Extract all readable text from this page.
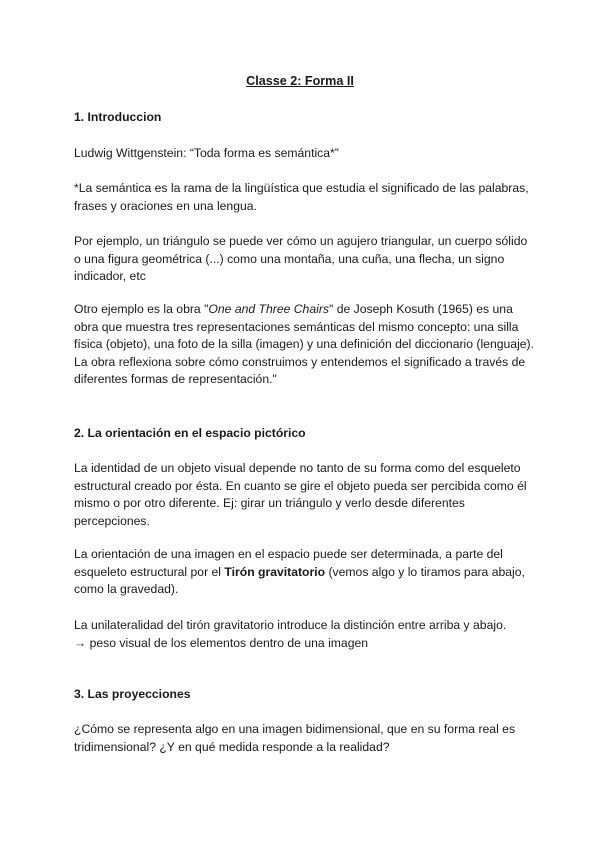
Classe 2: Forma II

1. Introduccion

Ludwig Wittgenstein: “Toda forma es semántica*”

*La semántica es la rama de la lingüística que estudia el significado de las palabras, frases y oraciones en una lengua.

Por ejemplo, un triángulo se puede ver cómo un agujero triangular, un cuerpo sólido o una figura geométrica (...) como una montaña, una cuña, una flecha, un signo indicador, etc

Otro ejemplo es la obra "One and Three Chairs" de Joseph Kosuth (1965) es una obra que muestra tres representaciones semánticas del mismo concepto: una silla física (objeto), una foto de la silla (imagen) y una definición del diccionario (lenguaje). La obra reflexiona sobre cómo construimos y entendemos el significado a través de diferentes formas de representación."

2. La orientación en el espacio pictórico

La identidad de un objeto visual depende no tanto de su forma como del esqueleto estructural creado por ésta. En cuanto se gire el objeto pueda ser percibida como él mismo o por otro diferente. Ej: girar un triángulo y verlo desde diferentes percepciones.

La orientación de una imagen en el espacio puede ser determinada, a parte del esqueleto estructural por el Tirón gravitatorio (vemos algo y lo tiramos para abajo, como la gravedad).

La unilateralidad del tirón gravitatorio introduce la distinción entre arriba y abajo.
→ peso visual de los elementos dentro de una imagen

3. Las proyecciones

¿Cómo se representa algo en una imagen bidimensional, que en su forma real es tridimensional? ¿Y en qué medida responde a la realidad?
